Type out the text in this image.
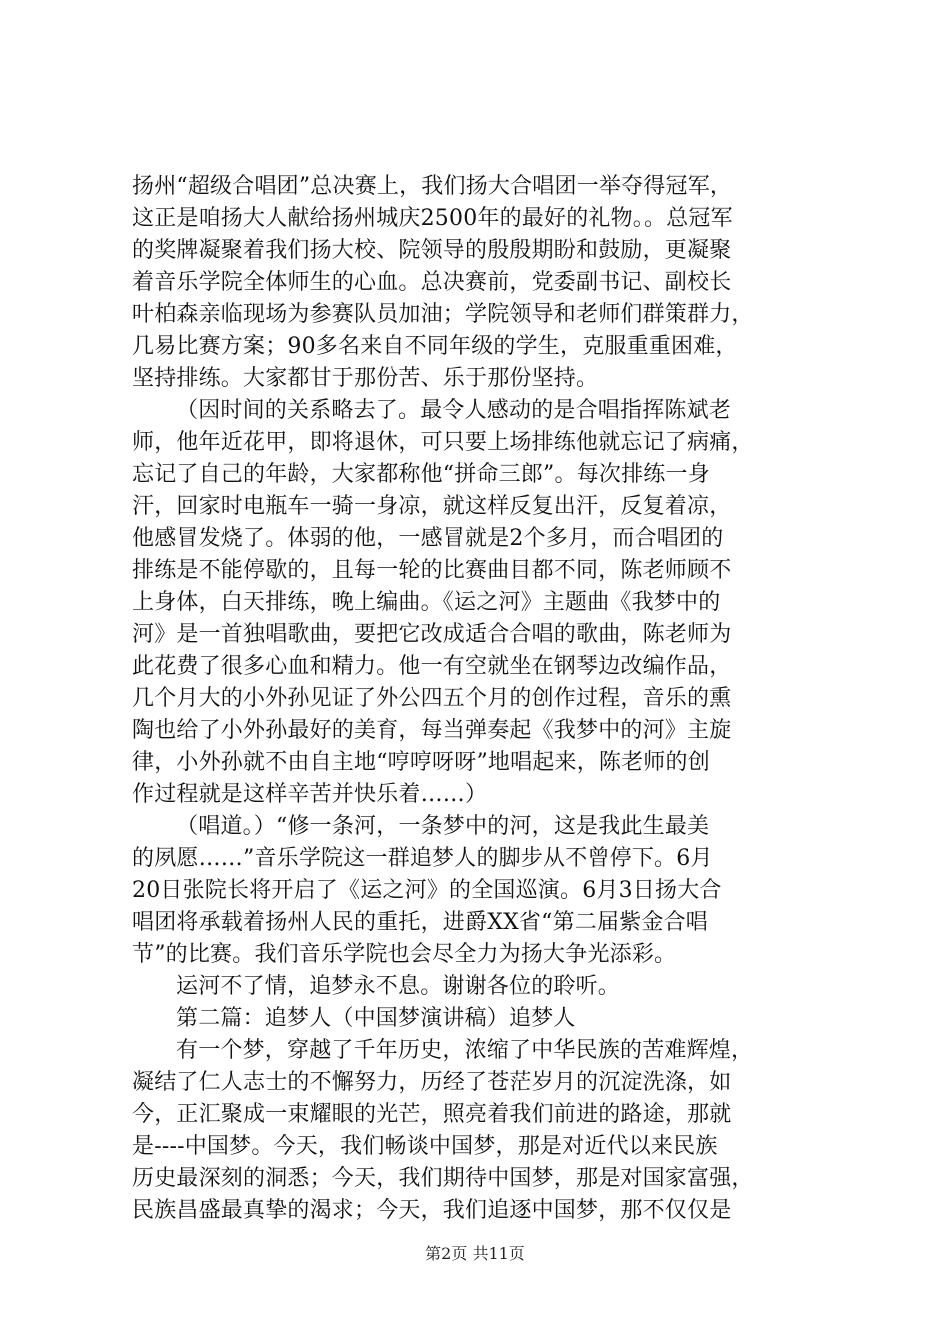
扬州“超级合唱团”总决赛上，我们扬大合唱团一举夺得冠军，
这正是咱扬大人献给扬州城庆2500年的最好的礼物。。总冠军
的奖牌凝聚着我们扬大校、院领导的殷殷期盼和鼓励，更凝聚
着音乐学院全体师生的心血。总决赛前，党委副书记、副校长
叶柏森亲临现场为参赛队员加油；学院领导和老师们群策群力，
几易比赛方案；90多名来自不同年级的学生，克服重重困难，
坚持排练。大家都甘于那份苦、乐于那份坚持。
（因时间的关系略去了。最令人感动的是合唱指挥陈斌老
师，他年近花甲，即将退休，可只要上场排练他就忘记了病痛，
忘记了自己的年龄，大家都称他“拼命三郎”。每次排练一身
汗，回家时电瓶车一骑一身凉，就这样反复出汗，反复着凉，
他感冒发烧了。体弱的他，一感冒就是2个多月，而合唱团的
排练是不能停歇的，且每一轮的比赛曲目都不同，陈老师顾不
上身体，白天排练，晚上编曲。《运之河》主题曲《我梦中的
河》是一首独唱歌曲，要把它改成适合合唱的歌曲，陈老师为
此花费了很多心血和精力。他一有空就坐在钢琴边改编作品，
几个月大的小外孙见证了外公四五个月的创作过程，音乐的熏
陶也给了小外孙最好的美育，每当弹奏起《我梦中的河》主旋
律，小外孙就不由自主地“哼哼呀呀”地唱起来，陈老师的创
作过程就是这样辛苦并快乐着……）
（唱道。）“修一条河，一条梦中的河，这是我此生最美
的夙愿……”音乐学院这一群追梦人的脚步从不曾停下。6月
20日张院长将开启了《运之河》的全国巡演。6月3日扬大合
唱团将承载着扬州人民的重托，进爵XX省“第二届紫金合唱
节”的比赛。我们音乐学院也会尽全力为扬大争光添彩。
运河不了情，追梦永不息。谢谢各位的聆听。
第二篇：追梦人（中国梦演讲稿）追梦人
有一个梦，穿越了千年历史，浓缩了中华民族的苦难辉煌，
凝结了仁人志士的不懈努力，历经了苍茫岁月的沉淀洗涤，如
今，正汇聚成一束耀眼的光芒，照亮着我们前进的路途，那就
是----中国梦。今天，我们畅谈中国梦，那是对近代以来民族
历史最深刻的洞悉；今天，我们期待中国梦，那是对国家富强，
民族昌盛最真挚的渴求；今天，我们追逐中国梦，那不仅仅是
第2页 共11页
